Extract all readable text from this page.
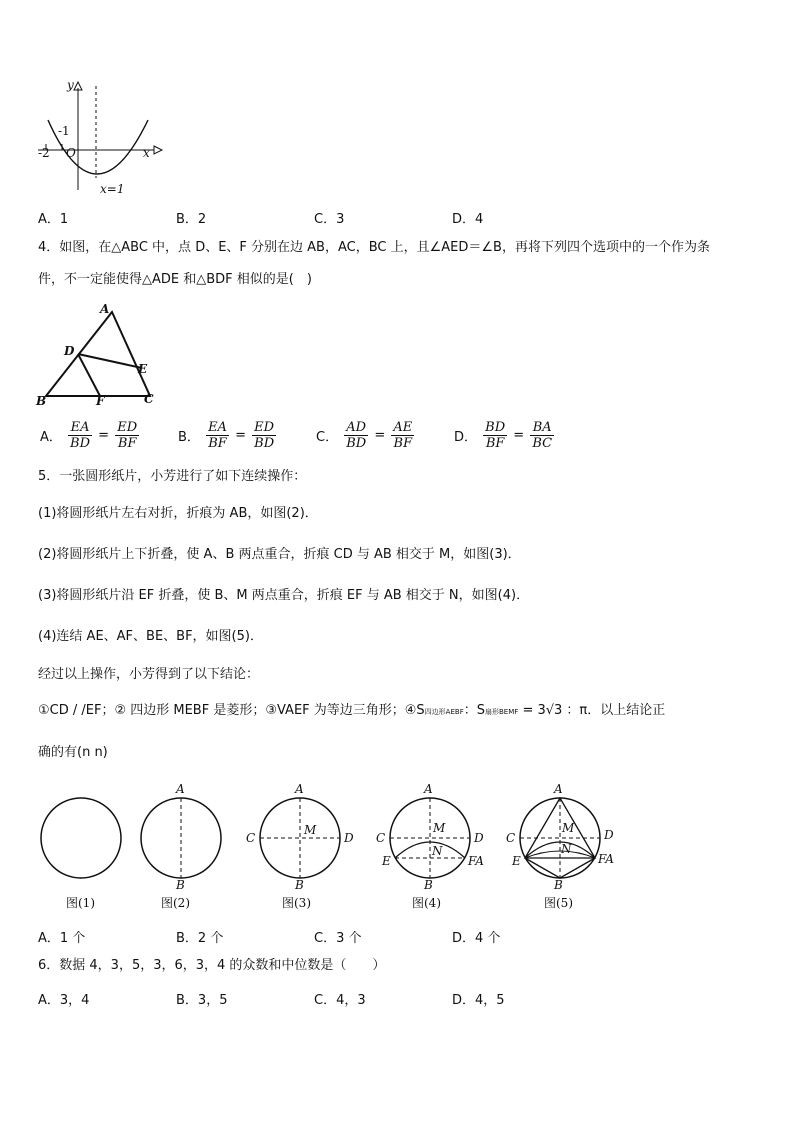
y
x
-2
-1
O
x=1
A．1	B．2	C．3	D．4
4．如图，在△ABC 中，点 D、E、F 分别在边 AB，AC，BC 上，且∠AED＝∠B，再将下列四个选项中的一个作为条
件，不一定能使得△ADE 和△BDF 相似的是(　)
A
D
E
B	F	C
A． $\frac{EA}{BD} = \frac{ED}{BF}$	B． $\frac{EA}{BF} = \frac{ED}{BD}$	C． $\frac{AD}{BD} = \frac{AE}{BF}$	D． $\frac{BD}{BF} = \frac{BA}{BC}$
5．一张圆形纸片，小芳进行了如下连续操作：
(1)将圆形纸片左右对折，折痕为 AB，如图(2)．
(2)将圆形纸片上下折叠，使 A、B 两点重合，折痕 CD 与 AB 相交于 M，如图(3)．
(3)将圆形纸片沿 EF 折叠，使 B、M 两点重合，折痕 EF 与 AB 相交于 N，如图(4)．
(4)连结 AE、AF、BE、BF，如图(5)．
经过以上操作，小芳得到了以下结论：
①CD / /EF；② 四边形 MEBF 是菱形；③VAEF 为等边三角形；④S四边形AEBF：S扇形BEMF = 3√3 ：π．以上结论正
确的有(n n)
A
B
A
C
M
D
B
A
C
M
D
N
E	FA
B
A
C
M D
N
E	FA
B
图(1)	图(2)	图(3)	图(4)	图(5)
A．1 个	B．2 个	C．3 个	D．4 个
6．数据 4，3，5，3，6，3，4 的众数和中位数是（　　）
A．3，4	B．3，5	C．4，3	D．4，5
